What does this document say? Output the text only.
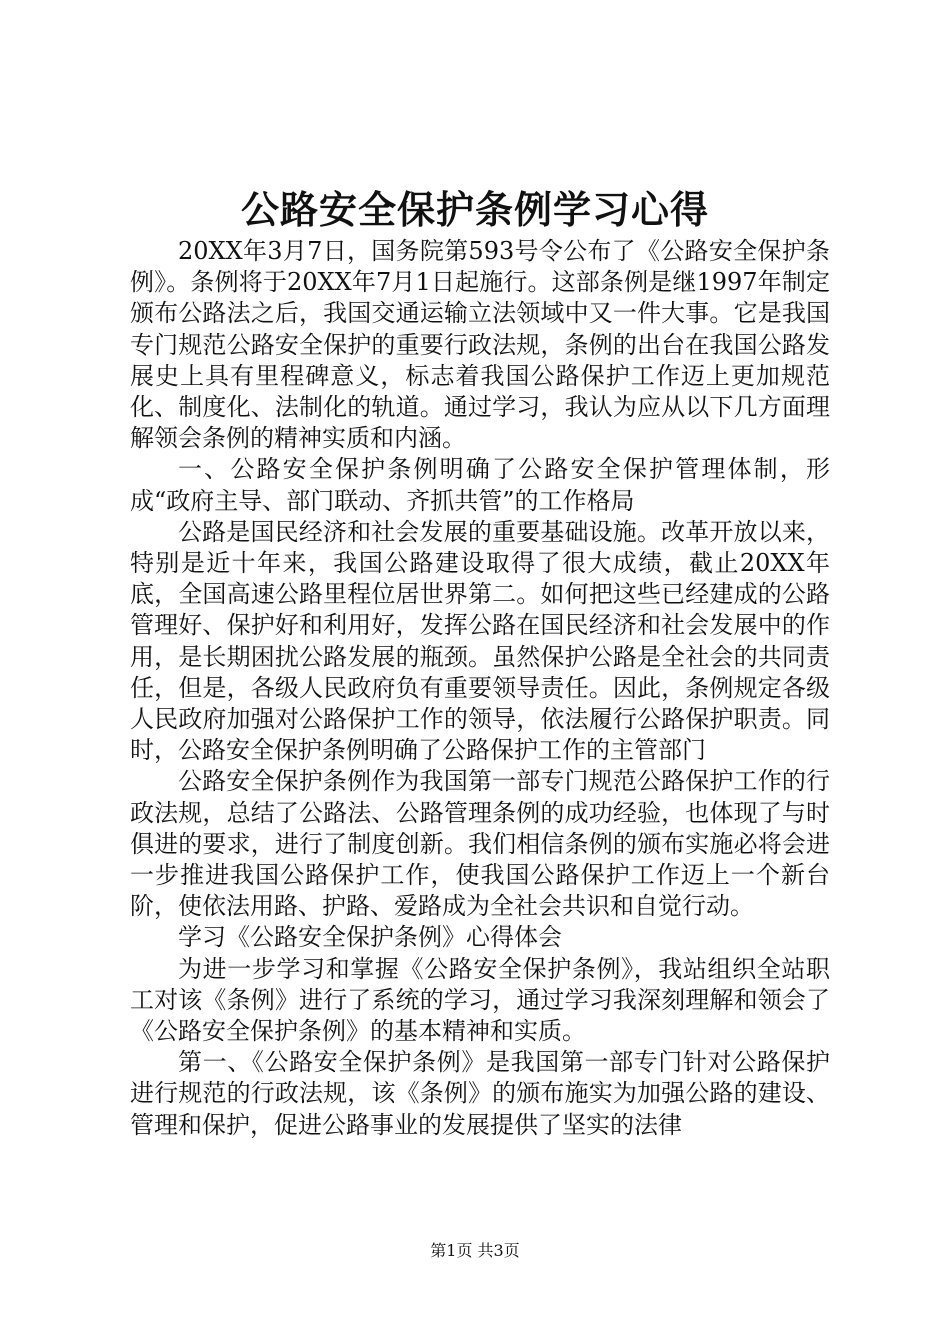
公路安全保护条例学习心得

20XX年3月7日，国务院第593号令公布了《公路安全保护条例》。条例将于20XX年7月1日起施行。这部条例是继1997年制定颁布公路法之后，我国交通运输立法领域中又一件大事。它是我国专门规范公路安全保护的重要行政法规，条例的出台在我国公路发展史上具有里程碑意义，标志着我国公路保护工作迈上更加规范化、制度化、法制化的轨道。通过学习，我认为应从以下几方面理解领会条例的精神实质和内涵。

一、公路安全保护条例明确了公路安全保护管理体制，形成“政府主导、部门联动、齐抓共管”的工作格局

公路是国民经济和社会发展的重要基础设施。改革开放以来，特别是近十年来，我国公路建设取得了很大成绩，截止20XX年底，全国高速公路里程位居世界第二。如何把这些已经建成的公路管理好、保护好和利用好，发挥公路在国民经济和社会发展中的作用，是长期困扰公路发展的瓶颈。虽然保护公路是全社会的共同责任，但是，各级人民政府负有重要领导责任。因此，条例规定各级人民政府加强对公路保护工作的领导，依法履行公路保护职责。同时，公路安全保护条例明确了公路保护工作的主管部门

公路安全保护条例作为我国第一部专门规范公路保护工作的行政法规，总结了公路法、公路管理条例的成功经验，也体现了与时俱进的要求，进行了制度创新。我们相信条例的颁布实施必将会进一步推进我国公路保护工作，使我国公路保护工作迈上一个新台阶，使依法用路、护路、爱路成为全社会共识和自觉行动。

学习《公路安全保护条例》心得体会

为进一步学习和掌握《公路安全保护条例》，我站组织全站职工对该《条例》进行了系统的学习，通过学习我深刻理解和领会了《公路安全保护条例》的基本精神和实质。

第一、《公路安全保护条例》是我国第一部专门针对公路保护进行规范的行政法规，该《条例》的颁布施实为加强公路的建设、管理和保护，促进公路事业的发展提供了坚实的法律

第1页 共3页
